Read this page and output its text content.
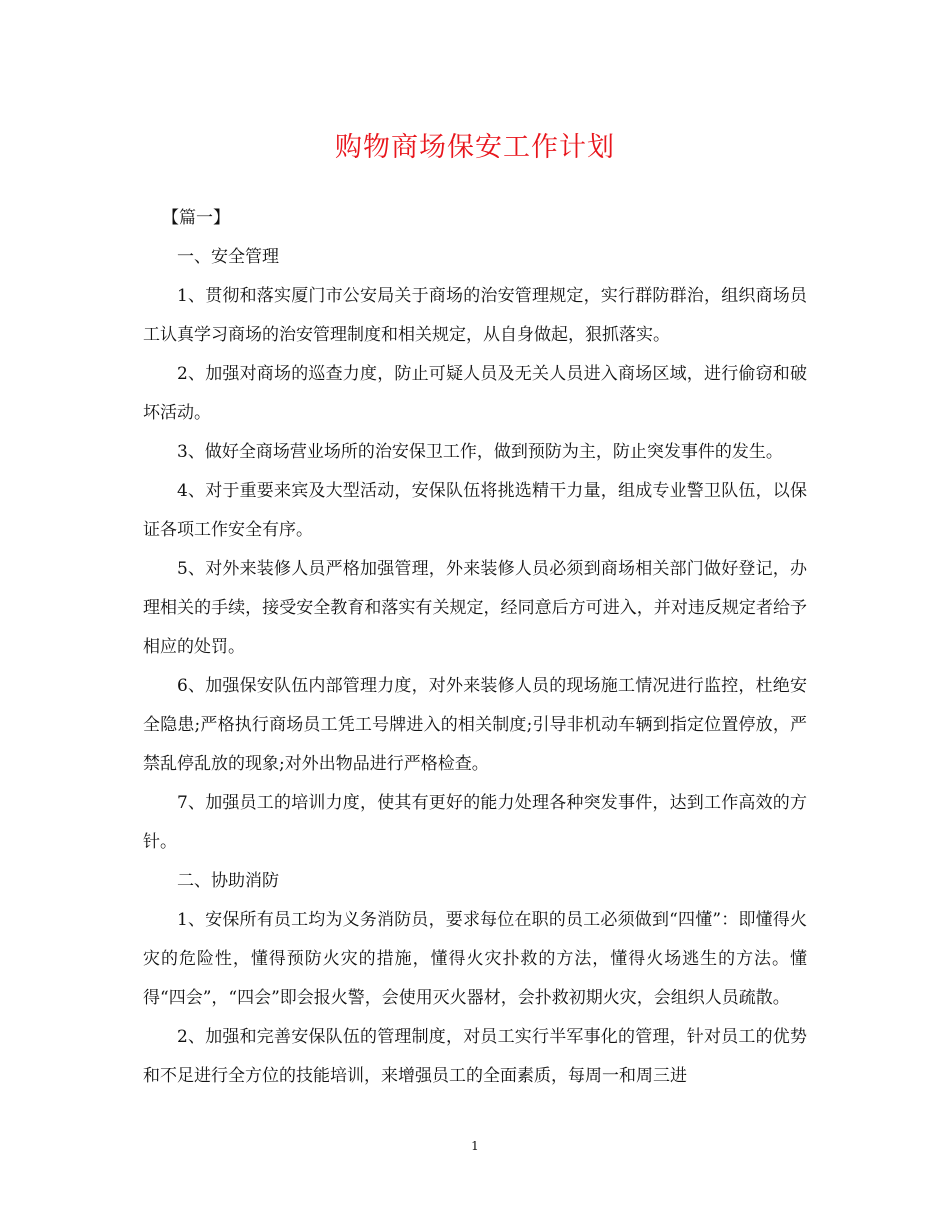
购物商场保安工作计划

【篇一】

一、安全管理

1、贯彻和落实厦门市公安局关于商场的治安管理规定，实行群防群治，组织商场员工认真学习商场的治安管理制度和相关规定，从自身做起，狠抓落实。

2、加强对商场的巡查力度，防止可疑人员及无关人员进入商场区域，进行偷窃和破坏活动。

3、做好全商场营业场所的治安保卫工作，做到预防为主，防止突发事件的发生。

4、对于重要来宾及大型活动，安保队伍将挑选精干力量，组成专业警卫队伍，以保证各项工作安全有序。

5、对外来装修人员严格加强管理，外来装修人员必须到商场相关部门做好登记，办理相关的手续，接受安全教育和落实有关规定，经同意后方可进入，并对违反规定者给予相应的处罚。

6、加强保安队伍内部管理力度，对外来装修人员的现场施工情况进行监控，杜绝安全隐患;严格执行商场员工凭工号牌进入的相关制度;引导非机动车辆到指定位置停放，严禁乱停乱放的现象;对外出物品进行严格检查。

7、加强员工的培训力度，使其有更好的能力处理各种突发事件，达到工作高效的方针。

二、协助消防

1、安保所有员工均为义务消防员，要求每位在职的员工必须做到“四懂”：即懂得火灾的危险性，懂得预防火灾的措施，懂得火灾扑救的方法，懂得火场逃生的方法。懂得“四会”，“四会”即会报火警，会使用灭火器材，会扑救初期火灾，会组织人员疏散。

2、加强和完善安保队伍的管理制度，对员工实行半军事化的管理，针对员工的优势和不足进行全方位的技能培训，来增强员工的全面素质，每周一和周三进

1
